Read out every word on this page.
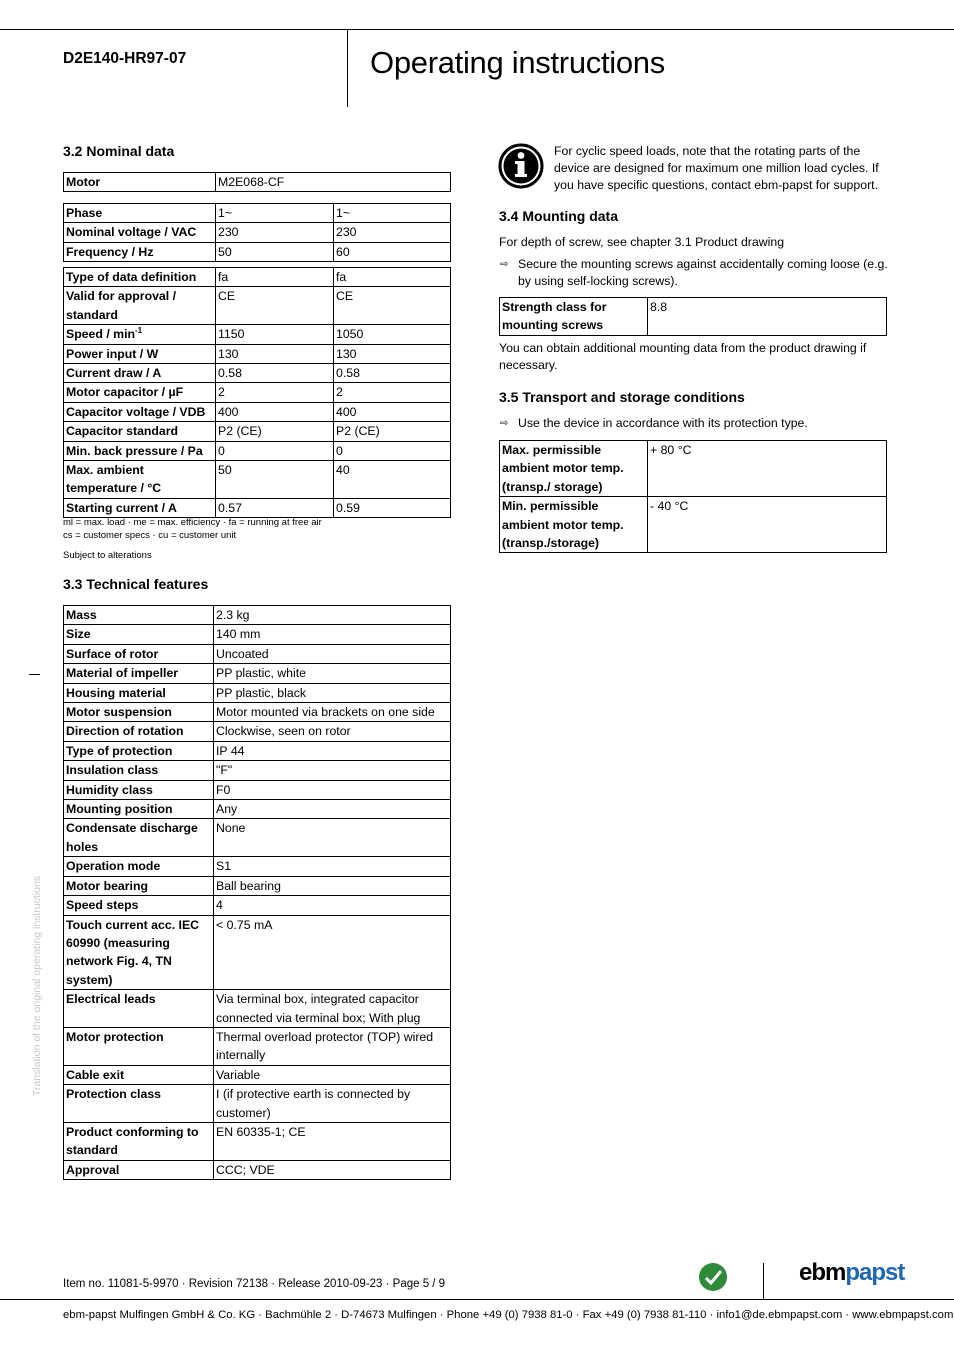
D2E140-HR97-07	Operating instructions
3.2 Nominal data
Motor	M2E068-CF
Phase	1~	1~
Nominal voltage / VAC	230	230
Frequency / Hz	50	60
Type of data definition	fa	fa
Valid for approval / standard	CE	CE
Speed / $\min^{-1}$	1150	1050
Power input / W	130	130
Current draw / A	0.58	0.58
Motor capacitor / µF	2	2
Capacitor voltage / VDB	400	400
Capacitor standard	P2 (CE)	P2 (CE)
Min. back pressure / Pa	0	0
Max. ambient temperature / °C	50	40
Starting current / A	0.57	0.59
ml = max. load · me = max. efficiency · fa = running at free air
cs = customer specs · cu = customer unit
Subject to alterations
3.3 Technical features
Mass	2.3 kg
Size	140 mm
Surface of rotor	Uncoated
Material of impeller	PP plastic, white
Housing material	PP plastic, black
Motor suspension	Motor mounted via brackets on one side
Direction of rotation	Clockwise, seen on rotor
Type of protection	IP 44
Insulation class	"F"
Humidity class	F0
Mounting position	Any
Condensate discharge holes	None
Operation mode	S1
Motor bearing	Ball bearing
Speed steps	4
Touch current acc. IEC 60990 (measuring network Fig. 4, TN system)	< 0.75 mA
Electrical leads	Via terminal box, integrated capacitor connected via terminal box; With plug
Motor protection	Thermal overload protector (TOP) wired internally
Cable exit	Variable
Protection class	I (if protective earth is connected by customer)
Product conforming to standard	EN 60335-1; CE
Approval	CCC; VDE
Translation of the original operating instructions
For cyclic speed loads, note that the rotating parts of the device are designed for maximum one million load cycles. If you have specific questions, contact ebm-papst for support.
3.4 Mounting data
For depth of screw, see chapter 3.1 Product drawing
⇨ Secure the mounting screws against accidentally coming loose (e.g. by using self-locking screws).
Strength class for mounting screws	8.8
You can obtain additional mounting data from the product drawing if necessary.
3.5 Transport and storage conditions
⇨ Use the device in accordance with its protection type.
Max. permissible ambient motor temp. (transp./ storage)	+ 80 °C
Min. permissible ambient motor temp. (transp./storage)	- 40 °C
Item no. 11081-5-9970 · Revision 72138 · Release 2010-09-23 · Page 5 / 9	ebmpapst
ebm-papst Mulfingen GmbH & Co. KG · Bachmühle 2 · D-74673 Mulfingen · Phone +49 (0) 7938 81-0 · Fax +49 (0) 7938 81-110 · info1@de.ebmpapst.com · www.ebmpapst.com
